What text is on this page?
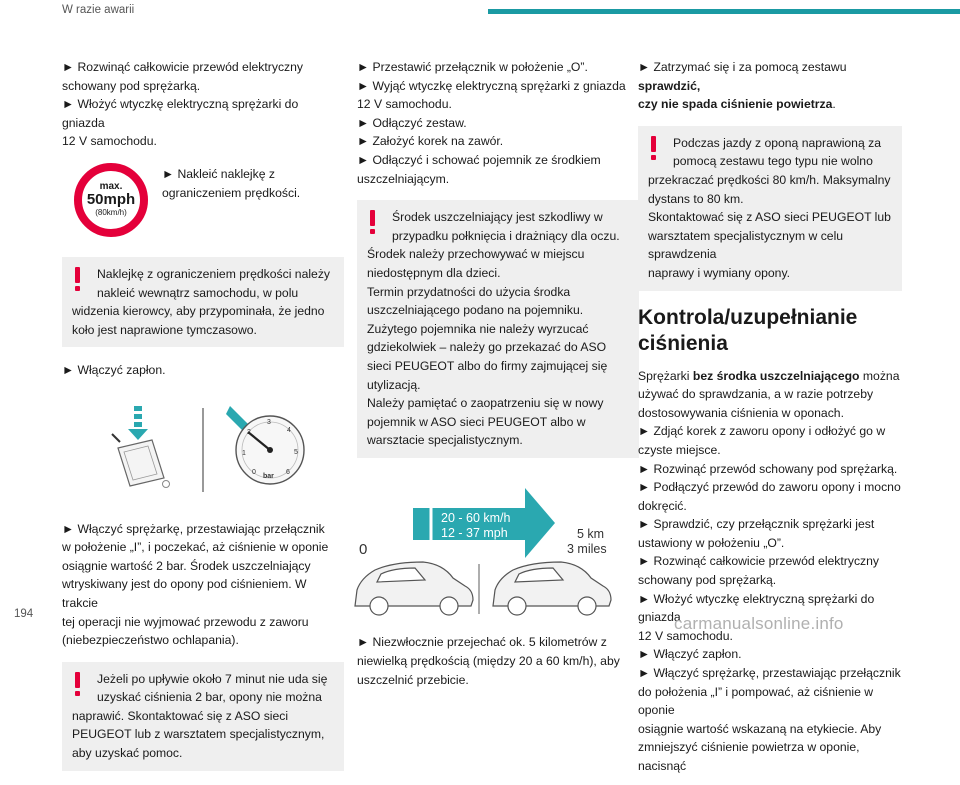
W razie awarii
► Rozwinąć całkowicie przewód elektryczny
schowany pod sprężarką.
► Włożyć wtyczkę elektryczną sprężarki do gniazda
12 V samochodu.
max.
50mph
(80km/h)
► Nakleić naklejkę z
ograniczeniem prędkości.
Naklejkę z ograniczeniem prędkości należy
nakleić wewnątrz samochodu, w polu
widzenia kierowcy, aby przypominała, że jedno
koło jest naprawione tymczasowo.
► Włączyć zapłon.
0
1
2
3
4
5
6
bar
► Włączyć sprężarkę, przestawiając przełącznik
w położenie „I”, i poczekać, aż ciśnienie w oponie
osiągnie wartość 2 bar. Środek uszczelniający
wtryskiwany jest do opony pod ciśnieniem. W trakcie
tej operacji nie wyjmować przewodu z zaworu
(niebezpieczeństwo ochlapania).
Jeżeli po upływie około 7 minut nie uda się
uzyskać ciśnienia 2 bar, opony nie można
naprawić. Skontaktować się z ASO sieci
PEUGEOT lub z warsztatem specjalistycznym,
aby uzyskać pomoc.
► Przestawić przełącznik w położenie „O”.
► Wyjąć wtyczkę elektryczną sprężarki z gniazda
12 V samochodu.
► Odłączyć zestaw.
► Założyć korek na zawór.
► Odłączyć i schować pojemnik ze środkiem
uszczelniającym.
Środek uszczelniający jest szkodliwy w
przypadku połknięcia i drażniący dla oczu.
Środek należy przechowywać w miejscu
niedostępnym dla dzieci.
Termin przydatności do użycia środka
uszczelniającego podano na pojemniku.
Zużytego pojemnika nie należy wyrzucać
gdziekolwiek – należy go przekazać do ASO
sieci PEUGEOT albo do firmy zajmującej się
utylizacją.
Należy pamiętać o zaopatrzeniu się w nowy
pojemnik w ASO sieci PEUGEOT albo w
warsztacie specjalistycznym.
20 - 60 km/h
12 - 37 mph
0
5 km
3 miles
► Niezwłocznie przejechać ok. 5 kilometrów z
niewielką prędkością (między 20 a 60 km/h), aby
uszczelnić przebicie.
► Zatrzymać się i za pomocą zestawu sprawdzić,
czy nie spada ciśnienie powietrza.
Podczas jazdy z oponą naprawioną za
pomocą zestawu tego typu nie wolno
przekraczać prędkości 80 km/h. Maksymalny
dystans to 80 km.
Skontaktować się z ASO sieci PEUGEOT lub
warsztatem specjalistycznym w celu sprawdzenia
naprawy i wymiany opony.
Kontrola/uzupełnianie
ciśnienia
Sprężarki bez środka uszczelniającego można
używać do sprawdzania, a w razie potrzeby
dostosowywania ciśnienia w oponach.
► Zdjąć korek z zaworu opony i odłożyć go w
czyste miejsce.
► Rozwinąć przewód schowany pod sprężarką.
► Podłączyć przewód do zaworu opony i mocno
dokręcić.
► Sprawdzić, czy przełącznik sprężarki jest
ustawiony w położeniu „O”.
► Rozwinąć całkowicie przewód elektryczny
schowany pod sprężarką.
► Włożyć wtyczkę elektryczną sprężarki do gniazda
12 V samochodu.
► Włączyć zapłon.
► Włączyć sprężarkę, przestawiając przełącznik
do położenia „I” i pompować, aż ciśnienie w oponie
osiągnie wartość wskazaną na etykiecie. Aby
zmniejszyć ciśnienie powietrza w oponie, nacisnąć
194	carmanualsonline.info
